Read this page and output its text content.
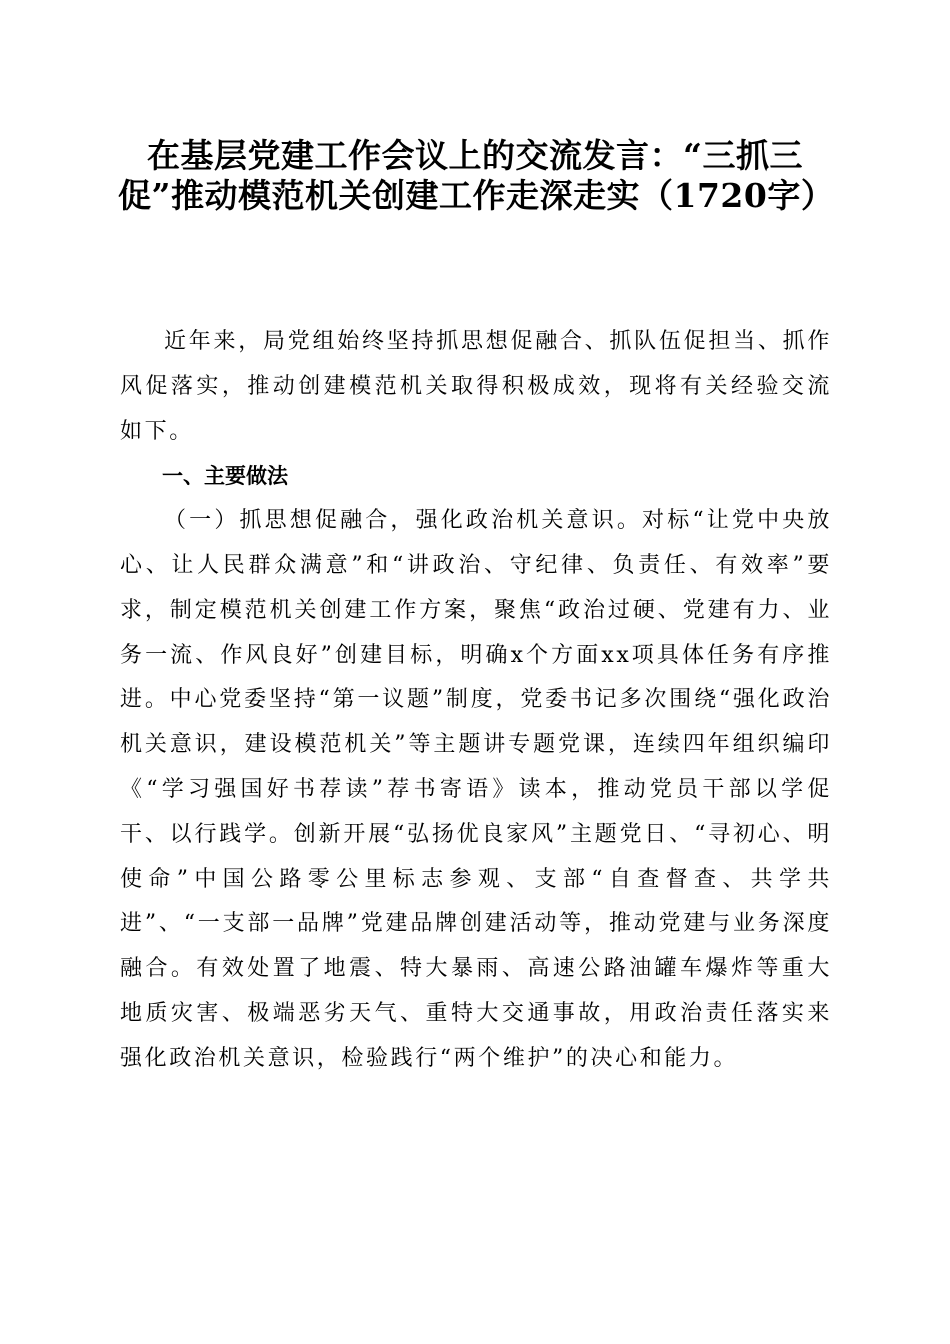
在基层党建工作会议上的交流发言：“三抓三促”推动模范机关创建工作走深走实（1720字）

近年来，局党组始终坚持抓思想促融合、抓队伍促担当、抓作风促落实，推动创建模范机关取得积极成效，现将有关经验交流如下。

一、主要做法

（一）抓思想促融合，强化政治机关意识。对标“让党中央放心、让人民群众满意”和“讲政治、守纪律、负责任、有效率”要求，制定模范机关创建工作方案，聚焦“政治过硬、党建有力、业务一流、作风良好”创建目标，明确x个方面xx项具体任务有序推进。中心党委坚持“第一议题”制度，党委书记多次围绕“强化政治机关意识，建设模范机关”等主题讲专题党课，连续四年组织编印《“学习强国好书荐读”荐书寄语》读本，推动党员干部以学促干、以行践学。创新开展“弘扬优良家风”主题党日、“寻初心、明使命”中国公路零公里标志参观、支部“自查督查、共学共进”、“一支部一品牌”党建品牌创建活动等，推动党建与业务深度融合。有效处置了地震、特大暴雨、高速公路油罐车爆炸等重大地质灾害、极端恶劣天气、重特大交通事故，用政治责任落实来强化政治机关意识，检验践行“两个维护”的决心和能力。
